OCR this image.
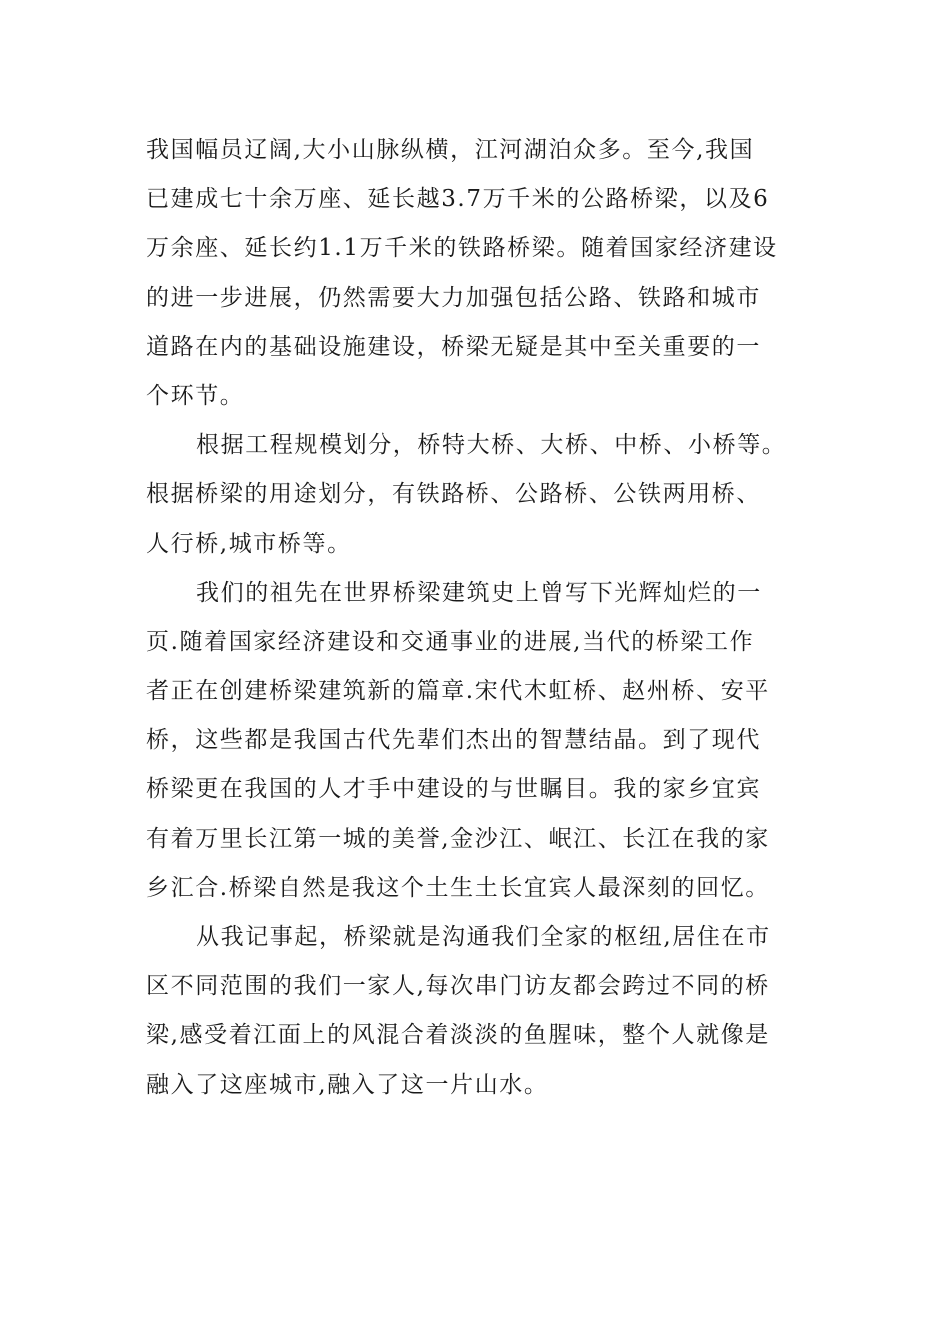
我国幅员辽阔,大小山脉纵横，江河湖泊众多。至今,我国
已建成七十余万座、延长越3.7万千米的公路桥梁，以及6
万余座、延长约1.1万千米的铁路桥梁。随着国家经济建设
的进一步进展，仍然需要大力加强包括公路、铁路和城市
道路在内的基础设施建设，桥梁无疑是其中至关重要的一
个环节。

根据工程规模划分，桥特大桥、大桥、中桥、小桥等。
根据桥梁的用途划分，有铁路桥、公路桥、公铁两用桥、
人行桥,城市桥等。

我们的祖先在世界桥梁建筑史上曾写下光辉灿烂的一
页.随着国家经济建设和交通事业的进展,当代的桥梁工作
者正在创建桥梁建筑新的篇章.宋代木虹桥、赵州桥、安平
桥，这些都是我国古代先辈们杰出的智慧结晶。到了现代
桥梁更在我国的人才手中建设的与世瞩目。我的家乡宜宾
有着万里长江第一城的美誉,金沙江、岷江、长江在我的家
乡汇合.桥梁自然是我这个土生土长宜宾人最深刻的回忆。

从我记事起，桥梁就是沟通我们全家的枢纽,居住在市
区不同范围的我们一家人,每次串门访友都会跨过不同的桥
梁,感受着江面上的风混合着淡淡的鱼腥味，整个人就像是
融入了这座城市,融入了这一片山水。
